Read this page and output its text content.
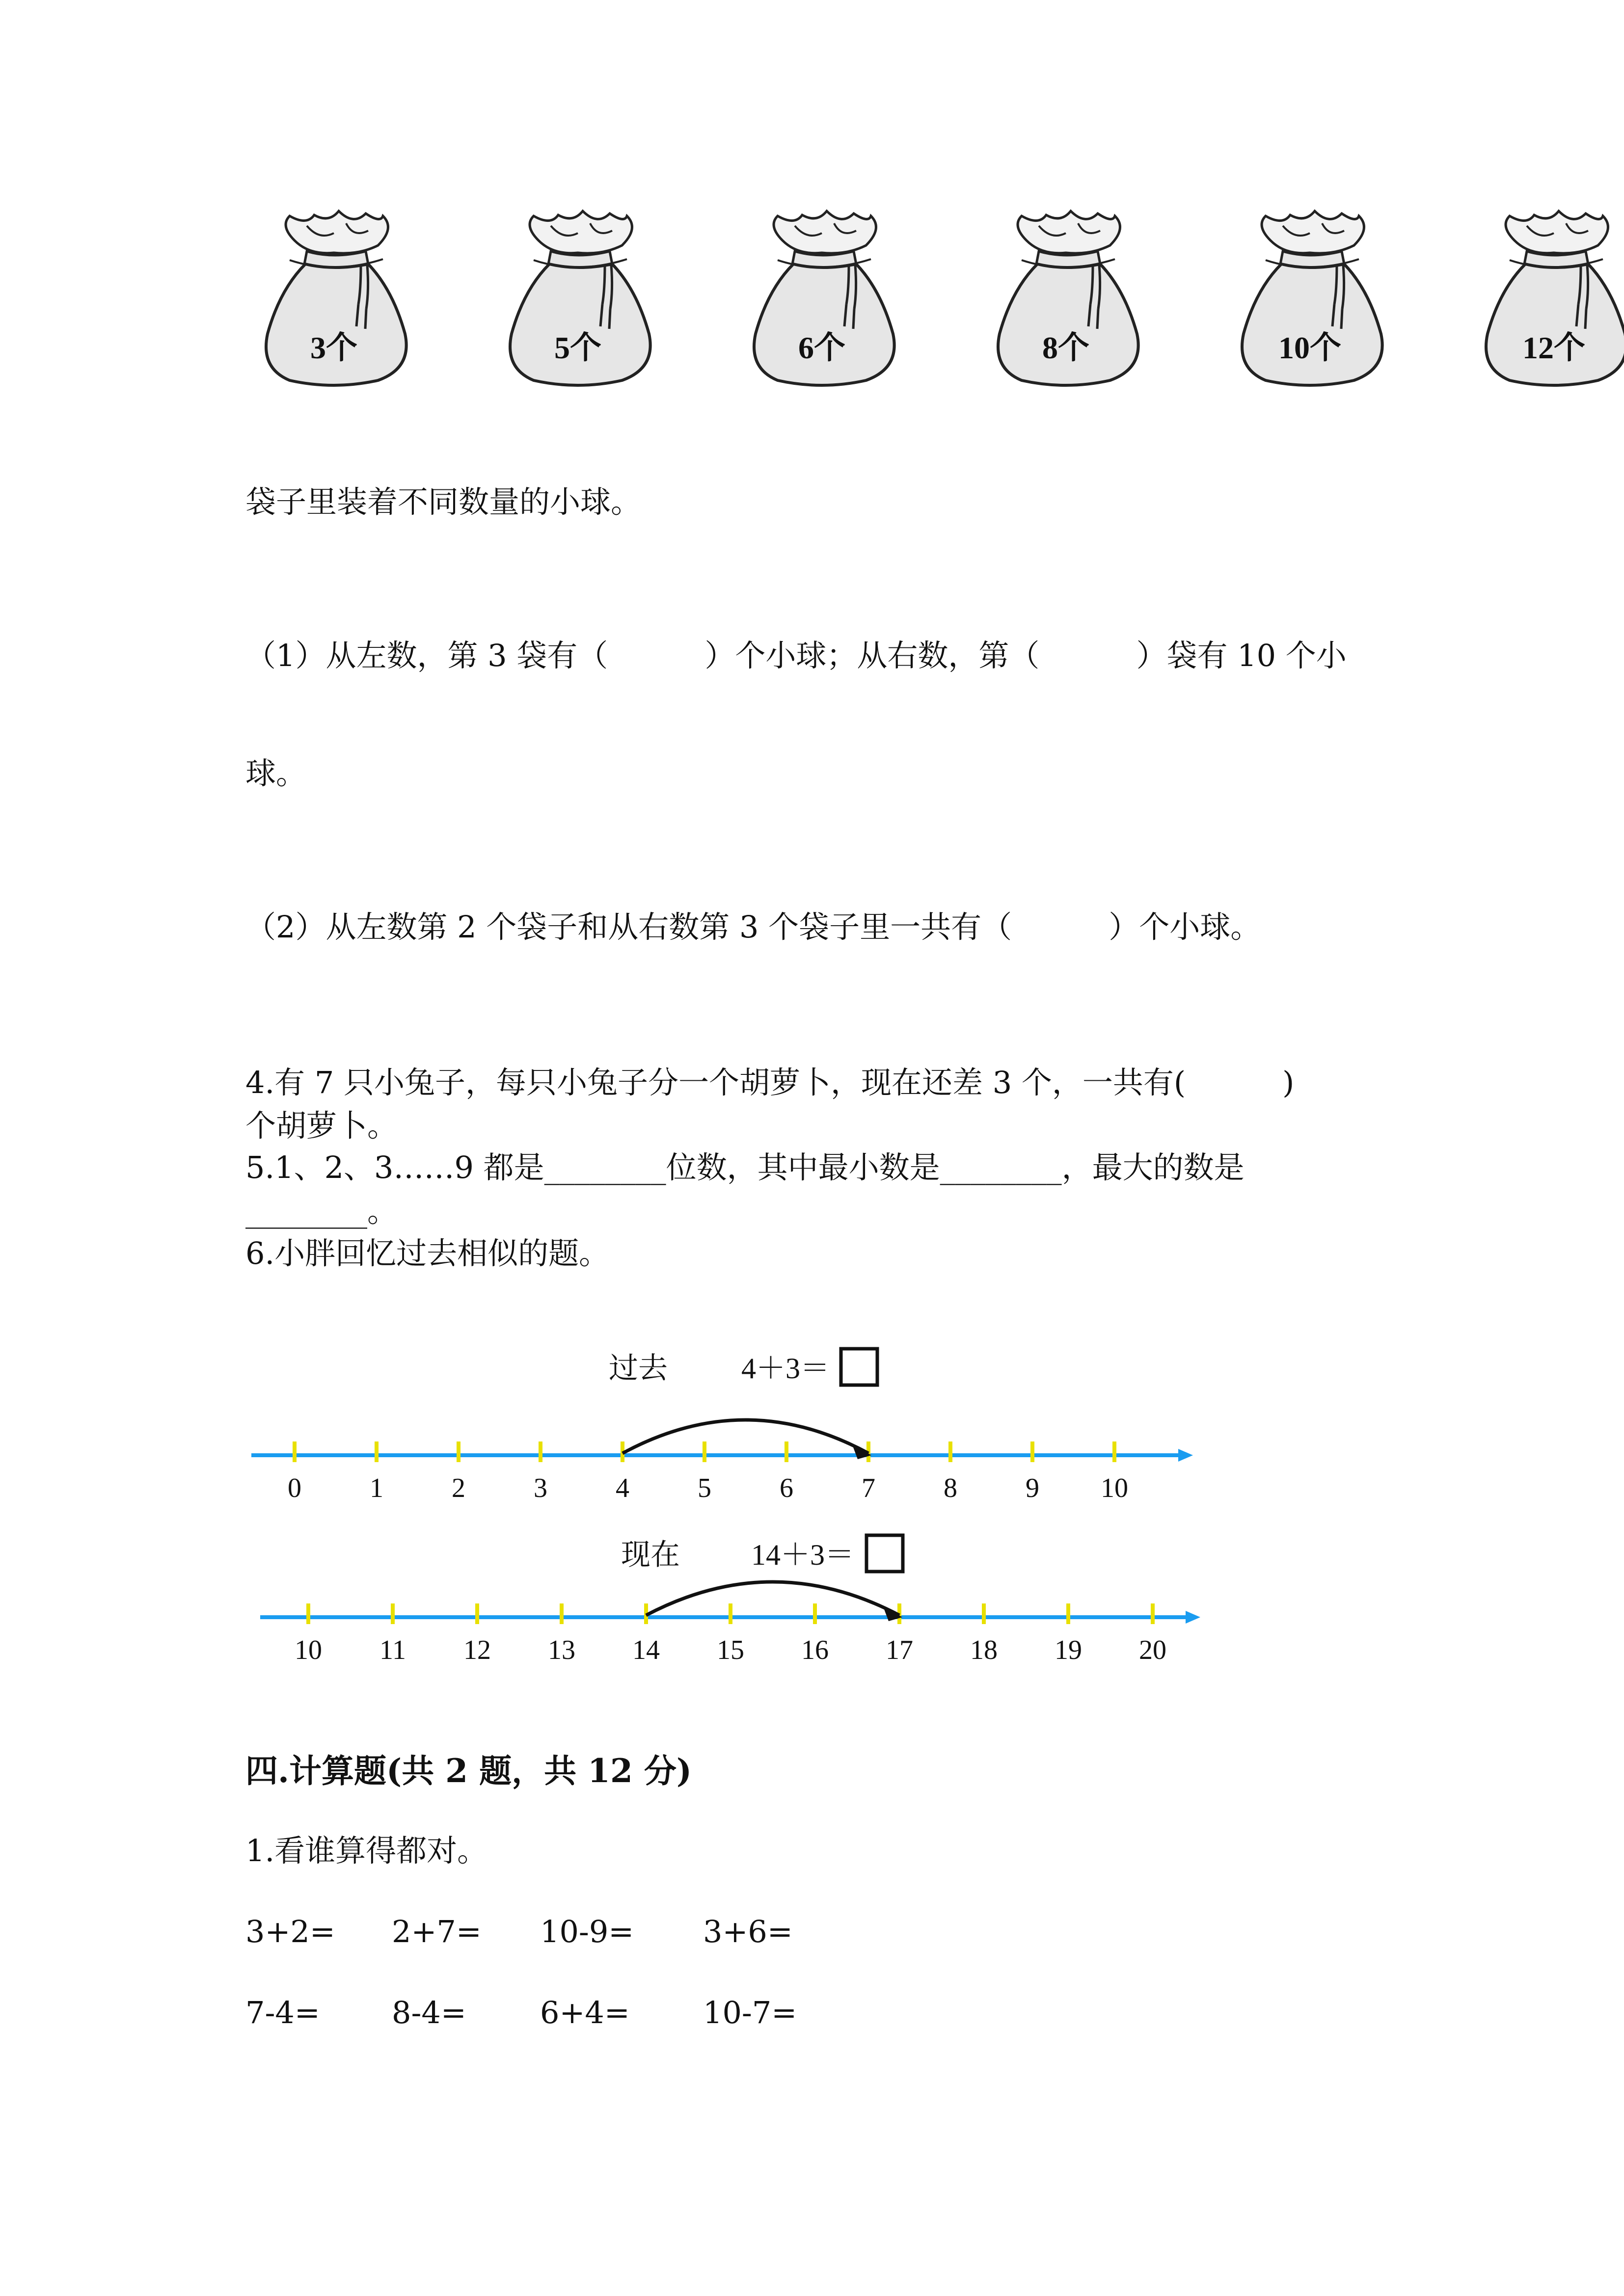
3个	5个	6个	8个	10个	12个
袋子里装着不同数量的小球。
（1）从左数，第 3 袋有（          ）个小球；从右数，第（          ）袋有 10 个小
球。
（2）从左数第 2 个袋子和从右数第 3 个袋子里一共有（          ）个小球。
4.有 7 只小兔子，每只小兔子分一个胡萝卜，现在还差 3 个，一共有(          )
个胡萝卜。
5.1、2、3……9 都是________位数，其中最小数是________，最大的数是
________。
6.小胖回忆过去相似的题。
过去	4＋3＝
0 1 2 3 4 5 6 7 8 9 10
现在 14＋3＝
10 11 12 13 14 15 16 17 18 19 20
四.计算题(共 2 题，共 12 分)
1.看谁算得都对。
3+2= 2+7= 10-9= 3+6=
7-4= 8-4= 6+4= 10-7=
